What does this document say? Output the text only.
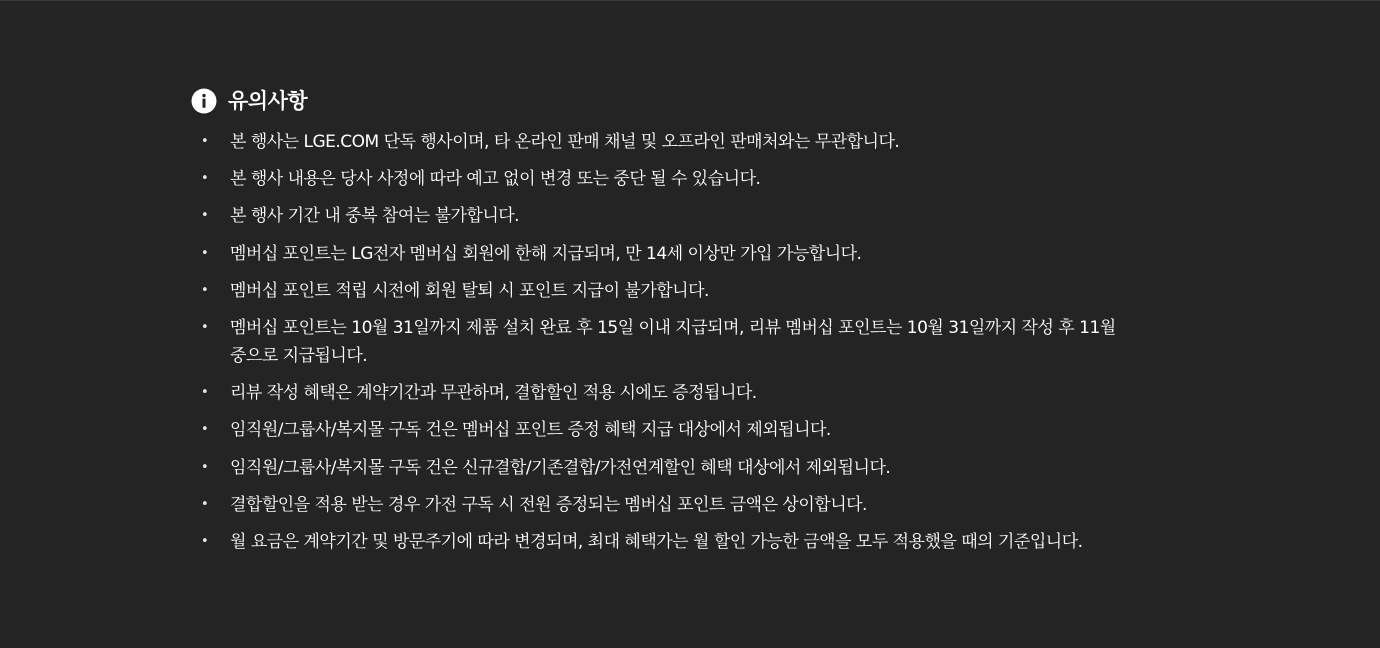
유의사항
• 본 행사는 LGE.COM 단독 행사이며, 타 온라인 판매 채널 및 오프라인 판매처와는 무관합니다.
• 본 행사 내용은 당사 사정에 따라 예고 없이 변경 또는 중단 될 수 있습니다.
• 본 행사 기간 내 중복 참여는 불가합니다.
• 멤버십 포인트는 LG전자 멤버십 회원에 한해 지급되며, 만 14세 이상만 가입 가능합니다.
• 멤버십 포인트 적립 시전에 회원 탈퇴 시 포인트 지급이 불가합니다.
• 멤버십 포인트는 10월 31일까지 제품 설치 완료 후 15일 이내 지급되며, 리뷰 멤버십 포인트는 10월 31일까지 작성 후 11월 중으로 지급됩니다.
• 리뷰 작성 혜택은 계약기간과 무관하며, 결합할인 적용 시에도 증정됩니다.
• 임직원/그룹사/복지몰 구독 건은 멤버십 포인트 증정 혜택 지급 대상에서 제외됩니다.
• 임직원/그룹사/복지몰 구독 건은 신규결합/기존결합/가전연계할인 혜택 대상에서 제외됩니다.
• 결합할인을 적용 받는 경우 가전 구독 시 전원 증정되는 멤버십 포인트 금액은 상이합니다.
• 월 요금은 계약기간 및 방문주기에 따라 변경되며, 최대 혜택가는 월 할인 가능한 금액을 모두 적용했을 때의 기준입니다.
